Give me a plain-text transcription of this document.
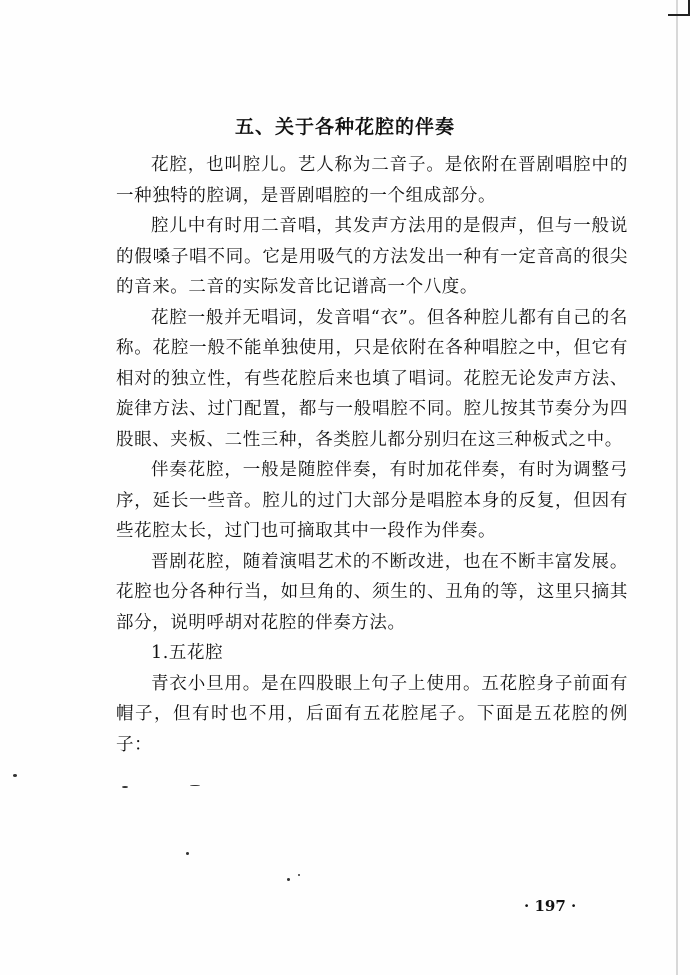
五、关于各种花腔的伴奏

花腔，也叫腔儿。艺人称为二音子。是依附在晋剧唱腔中的一种独特的腔调，是晋剧唱腔的一个组成部分。

腔儿中有时用二音唱，其发声方法用的是假声，但与一般说的假嗓子唱不同。它是用吸气的方法发出一种有一定音高的很尖的音来。二音的实际发音比记谱高一个八度。

花腔一般并无唱词，发音唱“衣”。但各种腔儿都有自己的名称。花腔一般不能单独使用，只是依附在各种唱腔之中，但它有相对的独立性，有些花腔后来也填了唱词。花腔无论发声方法、旋律方法、过门配置，都与一般唱腔不同。腔儿按其节奏分为四股眼、夹板、二性三种，各类腔儿都分别归在这三种板式之中。

伴奏花腔，一般是随腔伴奏，有时加花伴奏，有时为调整弓序，延长一些音。腔儿的过门大部分是唱腔本身的反复，但因有些花腔太长，过门也可摘取其中一段作为伴奏。

晋剧花腔，随着演唱艺术的不断改进，也在不断丰富发展。花腔也分各种行当，如旦角的、须生的、丑角的等，这里只摘其部分，说明呼胡对花腔的伴奏方法。

1.五花腔

青衣小旦用。是在四股眼上句子上使用。五花腔身子前面有帽子，但有时也不用，后面有五花腔尾子。下面是五花腔的例子：

· 197 ·
